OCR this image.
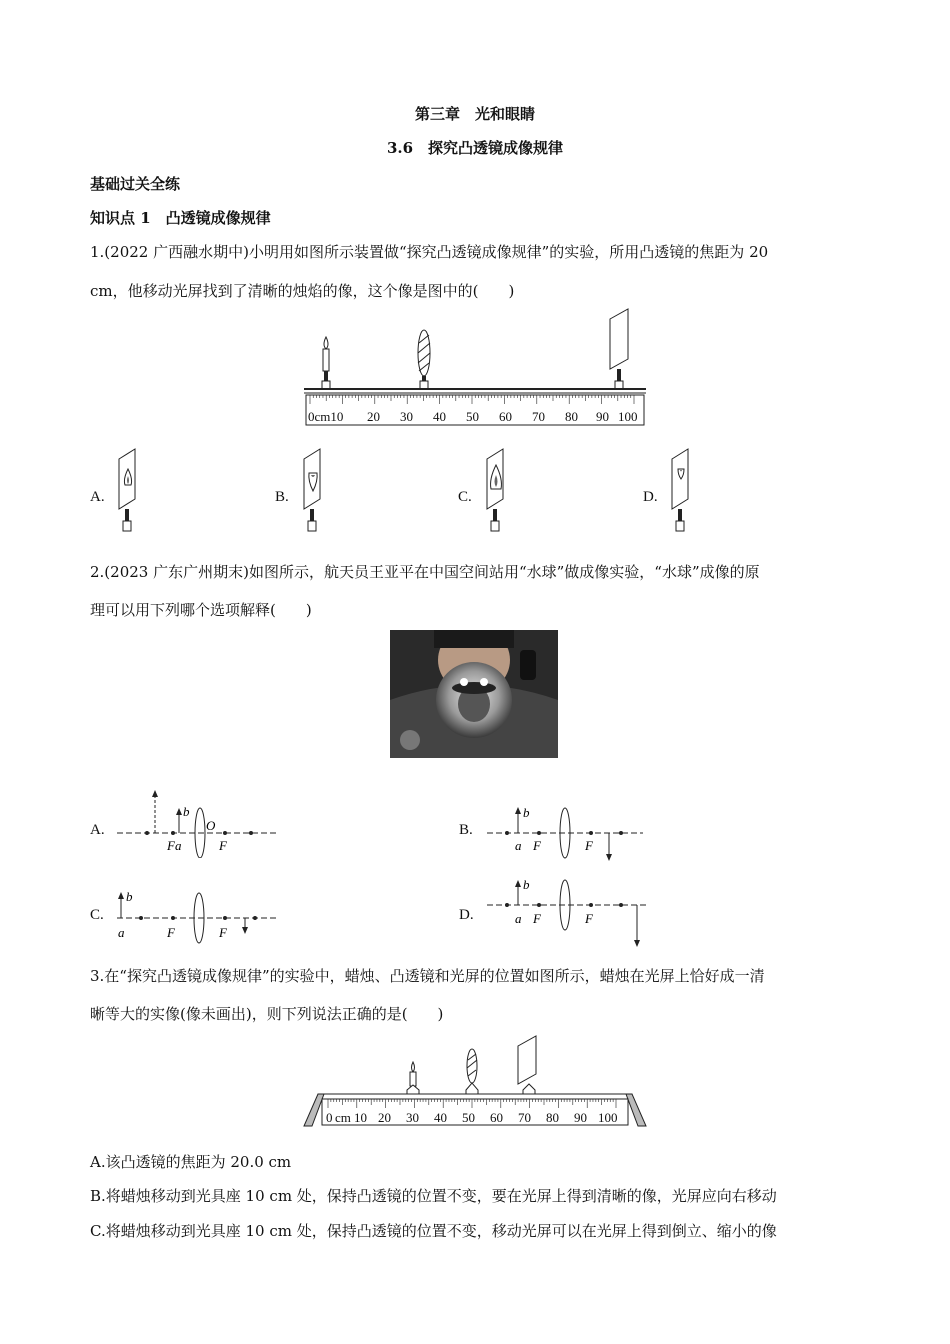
第三章　光和眼睛
3.6　探究凸透镜成像规律
基础过关全练
知识点 1　凸透镜成像规律
1.(2022 广西融水期中)小明用如图所示装置做“探究凸透镜成像规律”的实验，所用凸透镜的焦距为 20
cm，他移动光屏找到了清晰的烛焰的像，这个像是图中的(　　)
0cm10 20 30 40 50 60 70 80 90 100
A.	B.	C.	D.
2.(2023 广东广州期末)如图所示，航天员王亚平在中国空间站用“水球”做成像实验，“水球”成像的原
理可以用下列哪个选项解释(　　)
A.	B.
C.	D.
b
O
Fa	F
b
a F	F
b
a	F	F
b
a F	F
3.在“探究凸透镜成像规律”的实验中，蜡烛、凸透镜和光屏的位置如图所示，蜡烛在光屏上恰好成一清
晰等大的实像(像未画出)，则下列说法正确的是(　　)
0 cm 10 20 30 40 50 60 70 80 90 100
A.该凸透镜的焦距为 20.0 cm
B.将蜡烛移动到光具座 10 cm 处，保持凸透镜的位置不变，要在光屏上得到清晰的像，光屏应向右移动
C.将蜡烛移动到光具座 10 cm 处，保持凸透镜的位置不变，移动光屏可以在光屏上得到倒立、缩小的像
